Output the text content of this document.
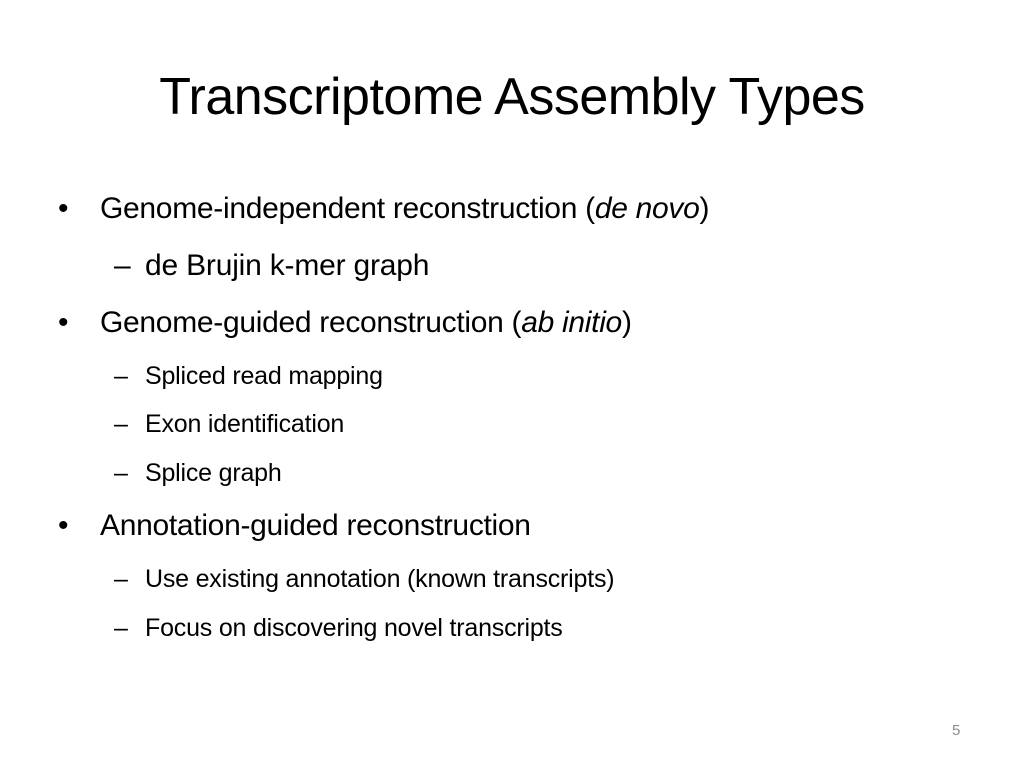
Transcriptome Assembly Types
• Genome-independent reconstruction (de novo)
– de Brujin k-mer graph
• Genome-guided reconstruction (ab initio)
– Spliced read mapping
– Exon identification
– Splice graph
• Annotation-guided reconstruction
– Use existing annotation (known transcripts)
– Focus on discovering novel transcripts
5
